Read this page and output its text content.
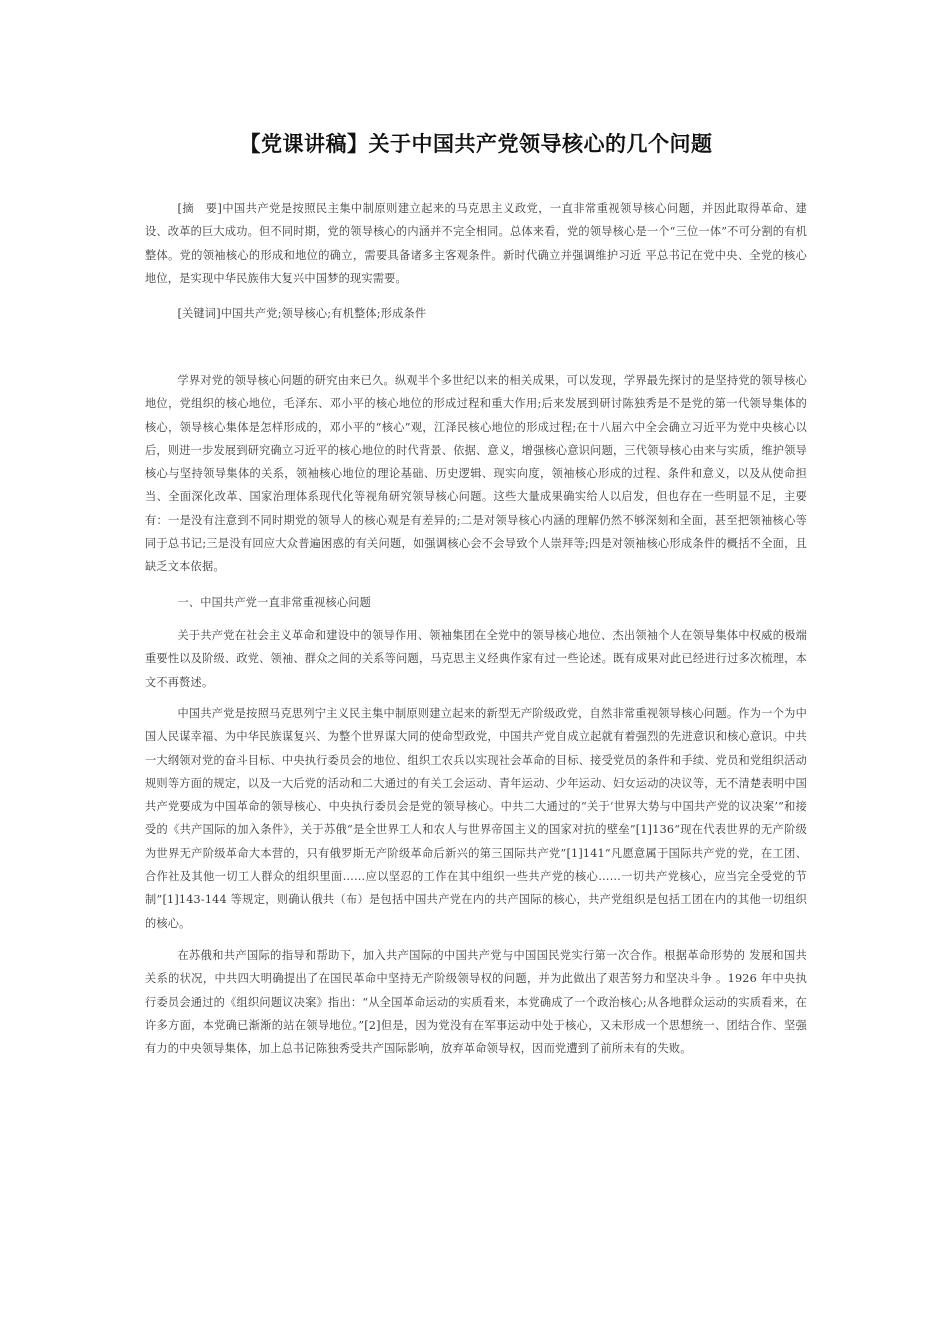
【党课讲稿】关于中国共产党领导核心的几个问题

[摘　要]中国共产党是按照民主集中制原则建立起来的马克思主义政党，一直非常重视领导核心问题，并因此取得革命、建设、改革的巨大成功。但不同时期，党的领导核心的内涵并不完全相同。总体来看，党的领导核心是一个“三位一体”不可分割的有机整体。党的领袖核心的形成和地位的确立，需要具备诸多主客观条件。新时代确立并强调维护习近 平总书记在党中央、全党的核心地位，是实现中华民族伟大复兴中国梦的现实需要。

[关键词]中国共产党;领导核心;有机整体;形成条件

学界对党的领导核心问题的研究由来已久。纵观半个多世纪以来的相关成果，可以发现，学界最先探讨的是坚持党的领导核心地位，党组织的核心地位，毛泽东、邓小平的核心地位的形成过程和重大作用;后来发展到研讨陈独秀是不是党的第一代领导集体的核心，领导核心集体是怎样形成的，邓小平的“核心”观，江泽民核心地位的形成过程;在十八届六中全会确立习近平为党中央核心以后，则进一步发展到研究确立习近平的核心地位的时代背景、依据、意义，增强核心意识问题，三代领导核心由来与实质，维护领导核心与坚持领导集体的关系，领袖核心地位的理论基础、历史逻辑、现实向度，领袖核心形成的过程、条件和意义，以及从使命担当、全面深化改革、国家治理体系现代化等视角研究领导核心问题。这些大量成果确实给人以启发，但也存在一些明显不足，主要有：一是没有注意到不同时期党的领导人的核心观是有差异的;二是对领导核心内涵的理解仍然不够深刻和全面，甚至把领袖核心等同于总书记;三是没有回应大众普遍困惑的有关问题，如强调核心会不会导致个人崇拜等;四是对领袖核心形成条件的概括不全面，且缺乏文本依据。

一、中国共产党一直非常重视核心问题

关于共产党在社会主义革命和建设中的领导作用、领袖集团在全党中的领导核心地位、杰出领袖个人在领导集体中权威的极端重要性以及阶级、政党、领袖、群众之间的关系等问题，马克思主义经典作家有过一些论述。既有成果对此已经进行过多次梳理，本文不再赘述。

中国共产党是按照马克思列宁主义民主集中制原则建立起来的新型无产阶级政党，自然非常重视领导核心问题。作为一个为中国人民谋幸福、为中华民族谋复兴、为整个世界谋大同的使命型政党，中国共产党自成立起就有着强烈的先进意识和核心意识。中共一大纲领对党的奋斗目标、中央执行委员会的地位、组织工农兵以实现社会革命的目标、接受党员的条件和手续、党员和党组织活动规则等方面的规定，以及一大后党的活动和二大通过的有关工会运动、青年运动、少年运动、妇女运动的决议等，无不清楚表明中国共产党要成为中国革命的领导核心、中央执行委员会是党的领导核心。中共二大通过的“关于‘世界大势与中国共产党的议决案’”和接受的《共产国际的加入条件》，关于苏俄“是全世界工人和农人与世界帝国主义的国家对抗的壁垒”[1]136“现在代表世界的无产阶级为世界无产阶级革命大本营的，只有俄罗斯无产阶级革命后新兴的第三国际共产党”[1]141“凡愿意属于国际共产党的党，在工团、合作社及其他一切工人群众的组织里面……应以坚忍的工作在其中组织一些共产党的核心……一切共产党核心，应当完全受党的节制”[1]143-144 等规定，则确认俄共（布）是包括中国共产党在内的共产国际的核心，共产党组织是包括工团在内的其他一切组织的核心。

在苏俄和共产国际的指导和帮助下，加入共产国际的中国共产党与中国国民党实行第一次合作。根据革命形势的 发展和国共关系的状况，中共四大明确提出了在国民革命中坚持无产阶级领导权的问题，并为此做出了艰苦努力和坚决斗争 。1926 年中央执行委员会通过的《组织问题议决案》指出：“从全国革命运动的实质看来，本党确成了一个政治核心;从各地群众运动的实质看来，在许多方面，本党确已渐渐的站在领导地位。”[2]但是，因为党没有在军事运动中处于核心，又未形成一个思想统一、团结合作、坚强有力的中央领导集体，加上总书记陈独秀受共产国际影响，放弃革命领导权，因而党遭到了前所未有的失败。
